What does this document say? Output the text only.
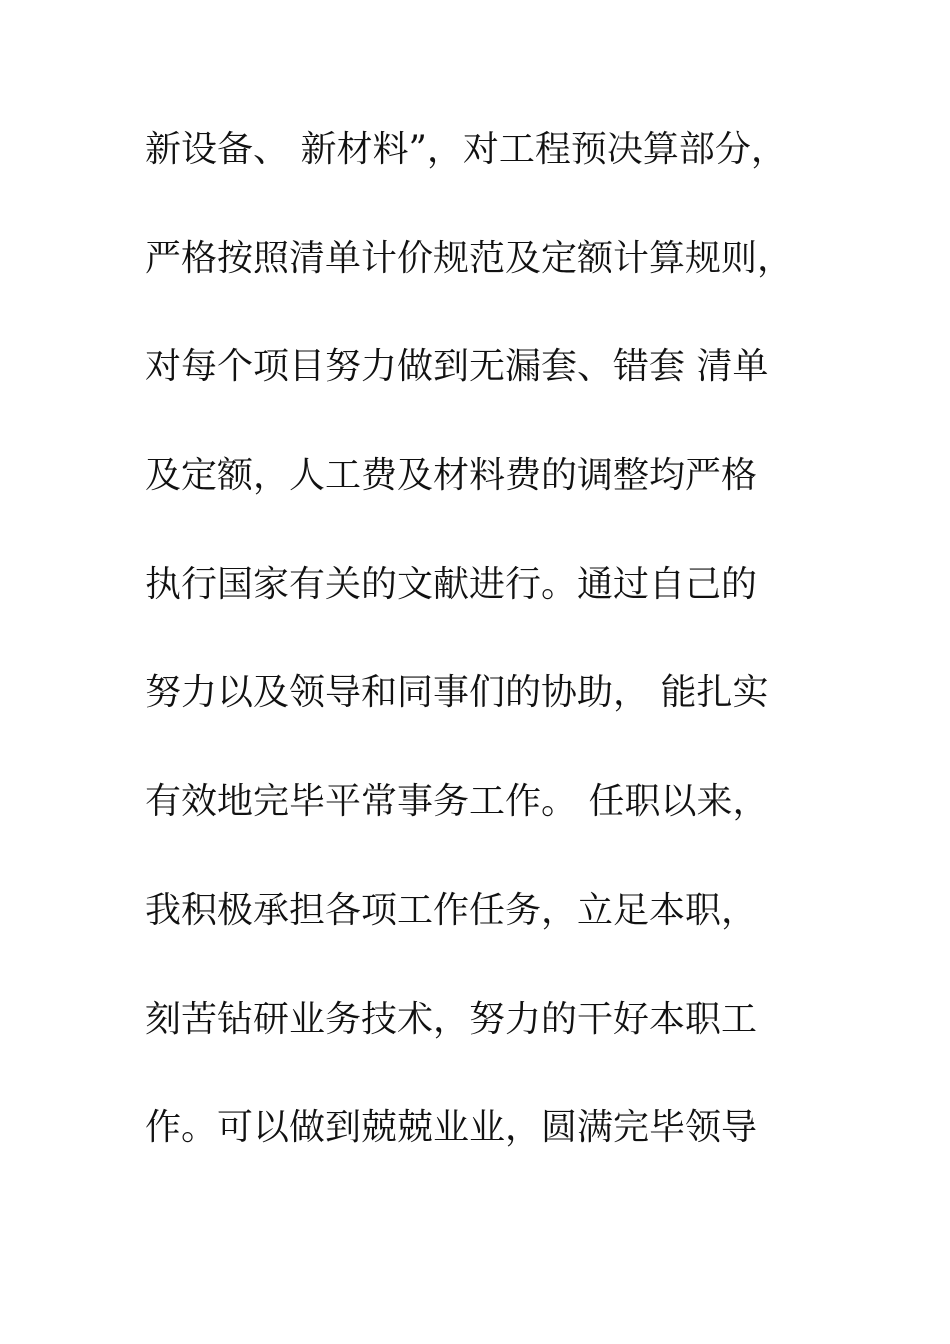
新设备、 新材料”，对工程预决算部分，
严格按照清单计价规范及定额计算规则，
对每个项目努力做到无漏套、错套 清单
及定额，人工费及材料费的调整均严格
执行国家有关的文献进行。通过自己的
努力以及领导和同事们的协助， 能扎实
有效地完毕平常事务工作。 任职以来，
我积极承担各项工作任务，立足本职，
刻苦钻研业务技术，努力的干好本职工
作。可以做到兢兢业业，圆满完毕领导
